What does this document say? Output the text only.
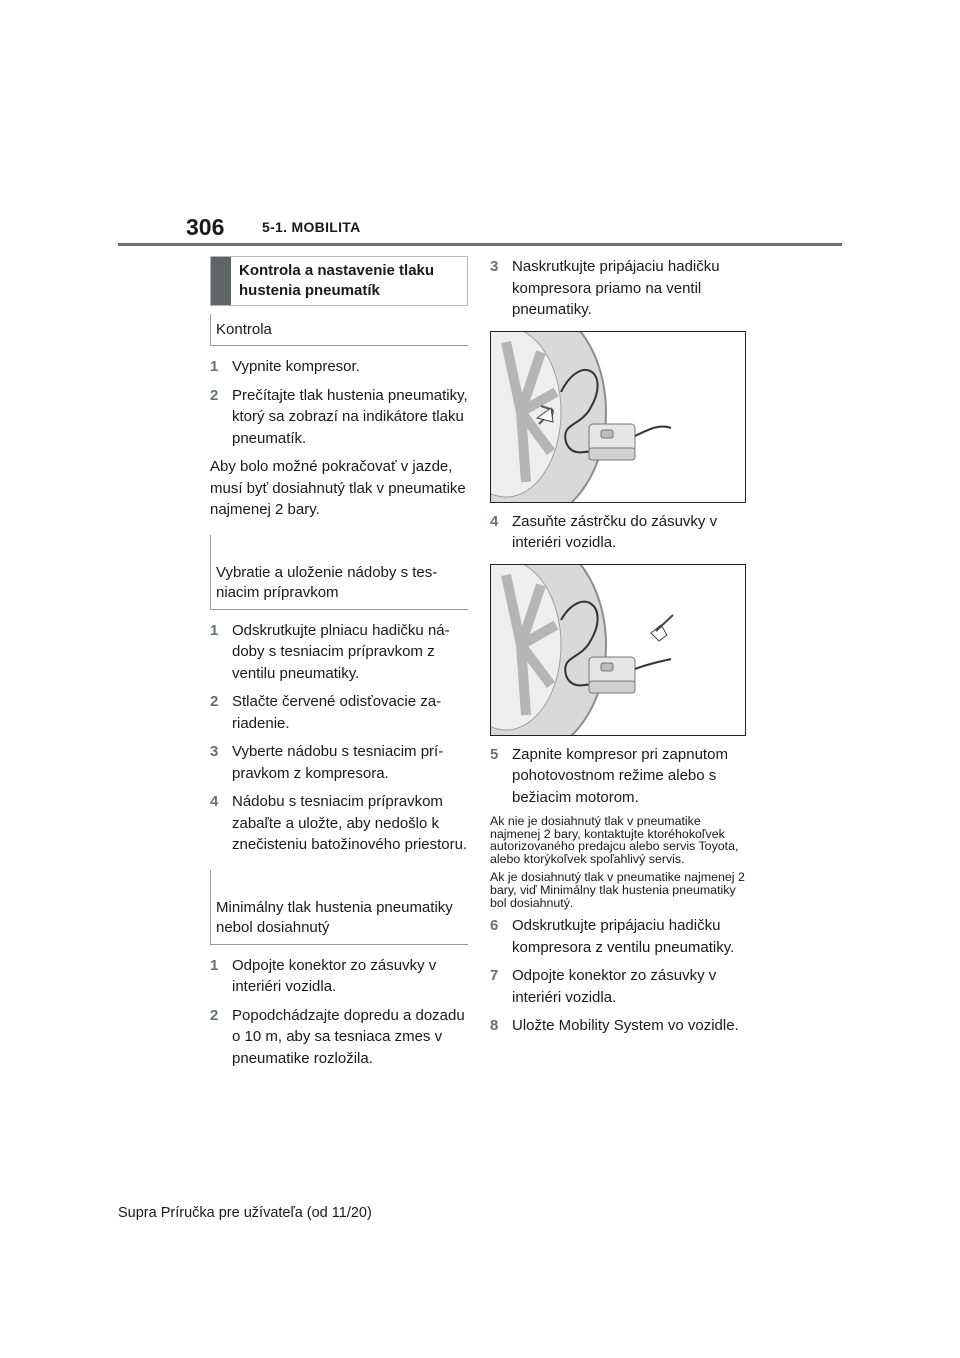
306	5-1. MOBILITA
Kontrola a nastavenie tlaku hustenia pneumatík
Kontrola
1 Vypnite kompresor.
2 Prečítajte tlak hustenia pneumatiky, ktorý sa zobrazí na indikátore tlaku pneumatík.
Aby bolo možné pokračovať v jazde, musí byť dosiahnutý tlak v pneumatike najmenej 2 bary.
Vybratie a uloženie nádoby s tesniacim prípravkom
1 Odskrutkujte plniacu hadičku nádoby s tesniacim prípravkom z ventilu pneumatiky.
2 Stlačte červené odisťovacie zariadenie.
3 Vyberte nádobu s tesniacim prípravkom z kompresora.
4 Nádobu s tesniacim prípravkom zabaľte a uložte, aby nedošlo k znečisteniu batožinového priestoru.
Minimálny tlak hustenia pneumatiky nebol dosiahnutý
1 Odpojte konektor zo zásuvky v interiéri vozidla.
2 Popodchádzajte dopredu a dozadu o 10 m, aby sa tesniaca zmes v pneumatike rozložila.
3 Naskrutkujte pripájaciu hadičku kompresora priamo na ventil pneumatiky.
4 Zasuňte zástrčku do zásuvky v interiéri vozidla.
5 Zapnite kompresor pri zapnutom pohotovostnom režime alebo s bežiacim motorom.
Ak nie je dosiahnutý tlak v pneumatike najmenej 2 bary, kontaktujte ktoréhokoľvek autorizovaného predajcu alebo servis Toyota, alebo ktorýkoľvek spoľahlivý servis.
Ak je dosiahnutý tlak v pneumatike najmenej 2 bary, viď Minimálny tlak hustenia pneumatiky bol dosiahnutý.
6 Odskrutkujte pripájaciu hadičku kompresora z ventilu pneumatiky.
7 Odpojte konektor zo zásuvky v interiéri vozidla.
8 Uložte Mobility System vo vozidle.
Supra Príručka pre užívateľa (od 11/20)
